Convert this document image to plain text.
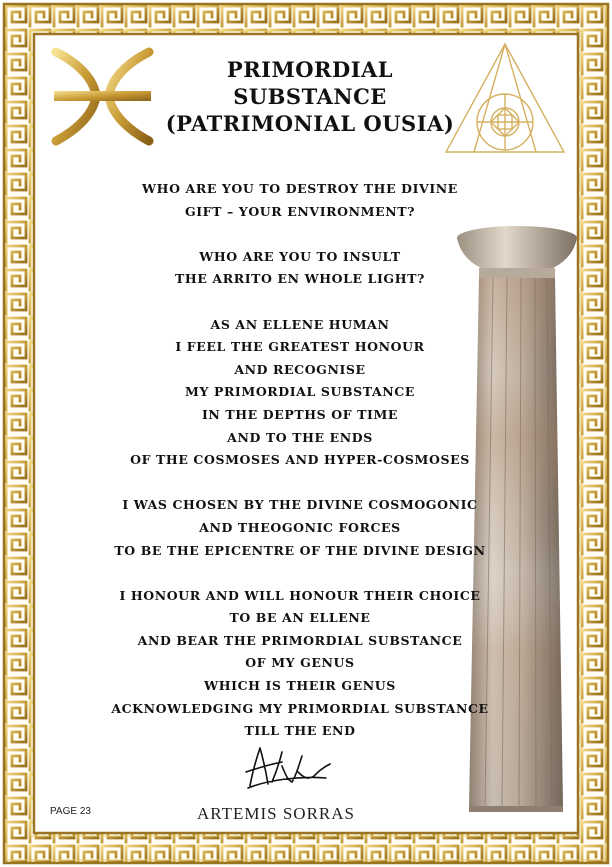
PRIMORDIAL
SUBSTANCE
(PATRIMONIAL OUSIA)
WHO ARE YOU TO DESTROY THE DIVINE
GIFT – YOUR ENVIRONMENT?
WHO ARE YOU TO INSULT
THE ARRITO EN WHOLE LIGHT?
AS AN ELLENE HUMAN
I FEEL THE GREATEST HONOUR
AND RECOGNISE
MY PRIMORDIAL SUBSTANCE
IN THE DEPTHS OF TIME
AND TO THE ENDS
OF THE COSMOSES AND HYPER-COSMOSES
I WAS CHOSEN BY THE DIVINE COSMOGONIC
AND THEOGONIC FORCES
TO BE THE EPICENTRE OF THE DIVINE DESIGN
I HONOUR AND WILL HONOUR THEIR CHOICE
TO BE AN ELLENE
AND BEAR THE PRIMORDIAL SUBSTANCE
OF MY GENUS
WHICH IS THEIR GENUS
ACKNOWLEDGING MY PRIMORDIAL SUBSTANCE
TILL THE END
PAGE 23	ARTEMIS SORRAS
